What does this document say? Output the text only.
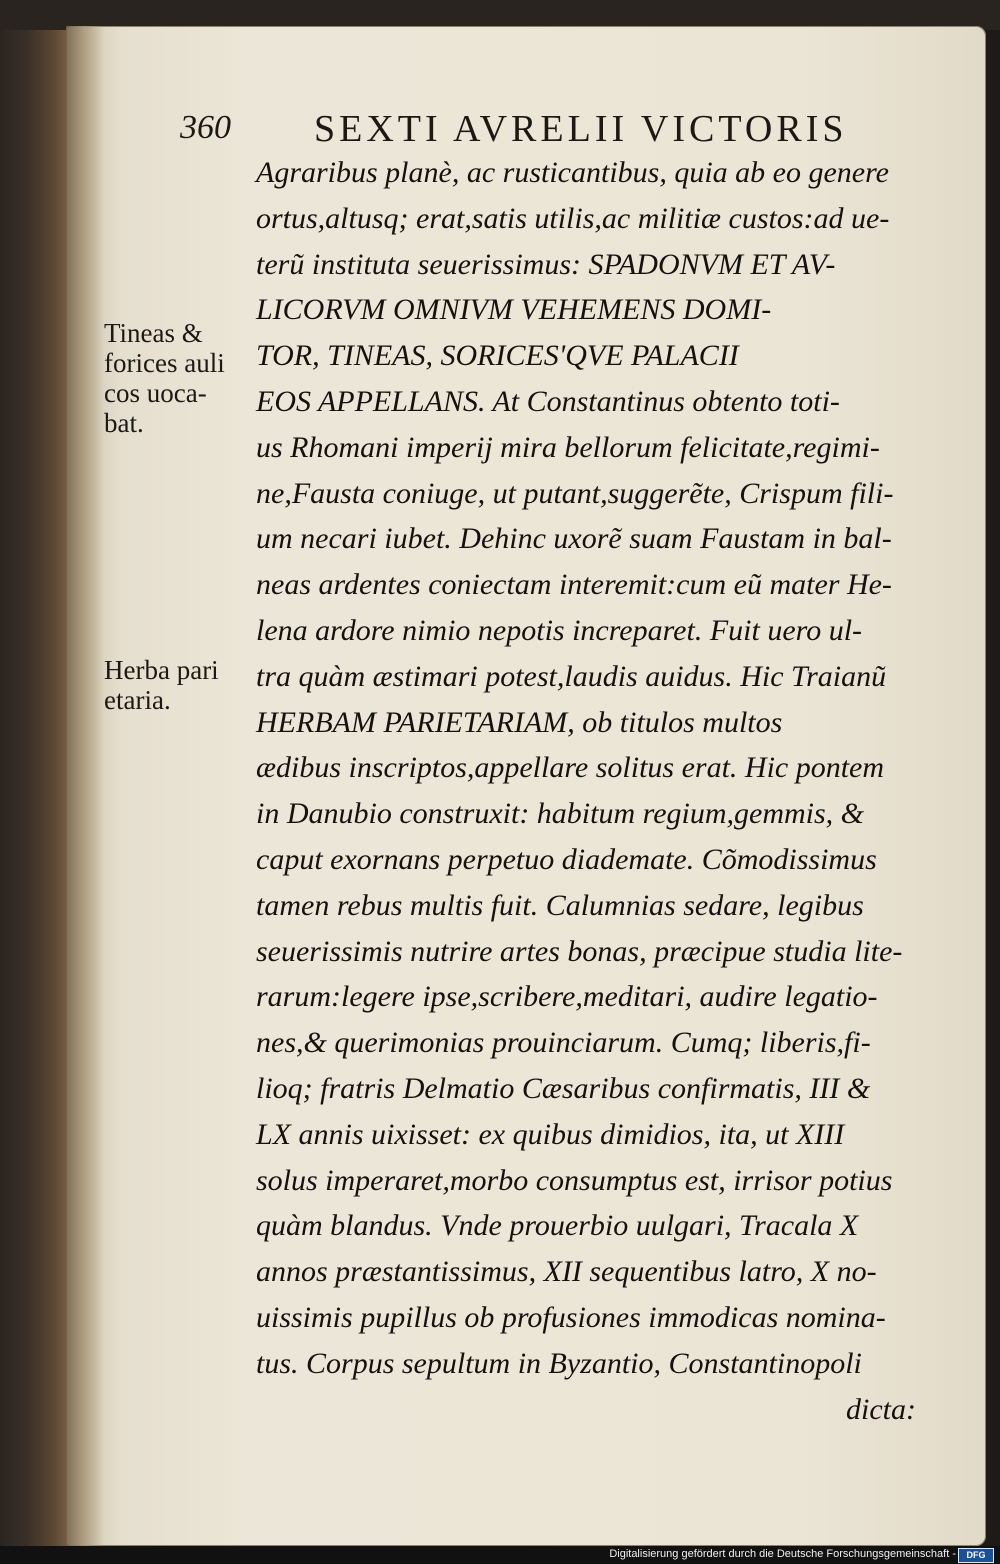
360 SEXTI AVRELII VICTORIS
Tineas &
forices auli
cos uoca-
bat.
Herba pari
etaria.
Agraribus planè, ac rusticantibus, quia ab eo genere
ortus,altusq; erat,satis utilis,ac militiæ custos:ad ue-
terũ instituta seuerissimus: SPADONVM ET AV-
LICORVM OMNIVM VEHEMENS DOMI-
TOR, TINEAS, SORICES'QVE PALACII
EOS APPELLANS. At Constantinus obtento toti-
us Rhomani imperij mira bellorum felicitate,regimi-
ne,Fausta coniuge, ut putant,suggerẽte, Crispum fili-
um necari iubet. Dehinc uxorẽ suam Faustam in bal-
neas ardentes coniectam interemit:cum eũ mater He-
lena ardore nimio nepotis increparet. Fuit uero ul-
tra quàm æstimari potest,laudis auidus. Hic Traianũ
HERBAM PARIETARIAM, ob titulos multos
ædibus inscriptos,appellare solitus erat. Hic pontem
in Danubio construxit: habitum regium,gemmis, &
caput exornans perpetuo diademate. Cõmodissimus
tamen rebus multis fuit. Calumnias sedare, legibus
seuerissimis nutrire artes bonas, præcipue studia lite-
rarum:legere ipse,scribere,meditari, audire legatio-
nes,& querimonias prouinciarum. Cumq; liberis,fi-
lioq; fratris Delmatio Cæsaribus confirmatis, III &
LX annis uixisset: ex quibus dimidios, ita, ut XIII
solus imperaret,morbo consumptus est, irrisor potius
quàm blandus. Vnde prouerbio uulgari, Tracala X
annos præstantissimus, XII sequentibus latro, X no-
uissimis pupillus ob profusiones immodicas nomina-
tus. Corpus sepultum in Byzantio, Constantinopoli
dicta:
Digitalisierung gefördert durch die Deutsche Forschungsgemeinschaft -	DFG
